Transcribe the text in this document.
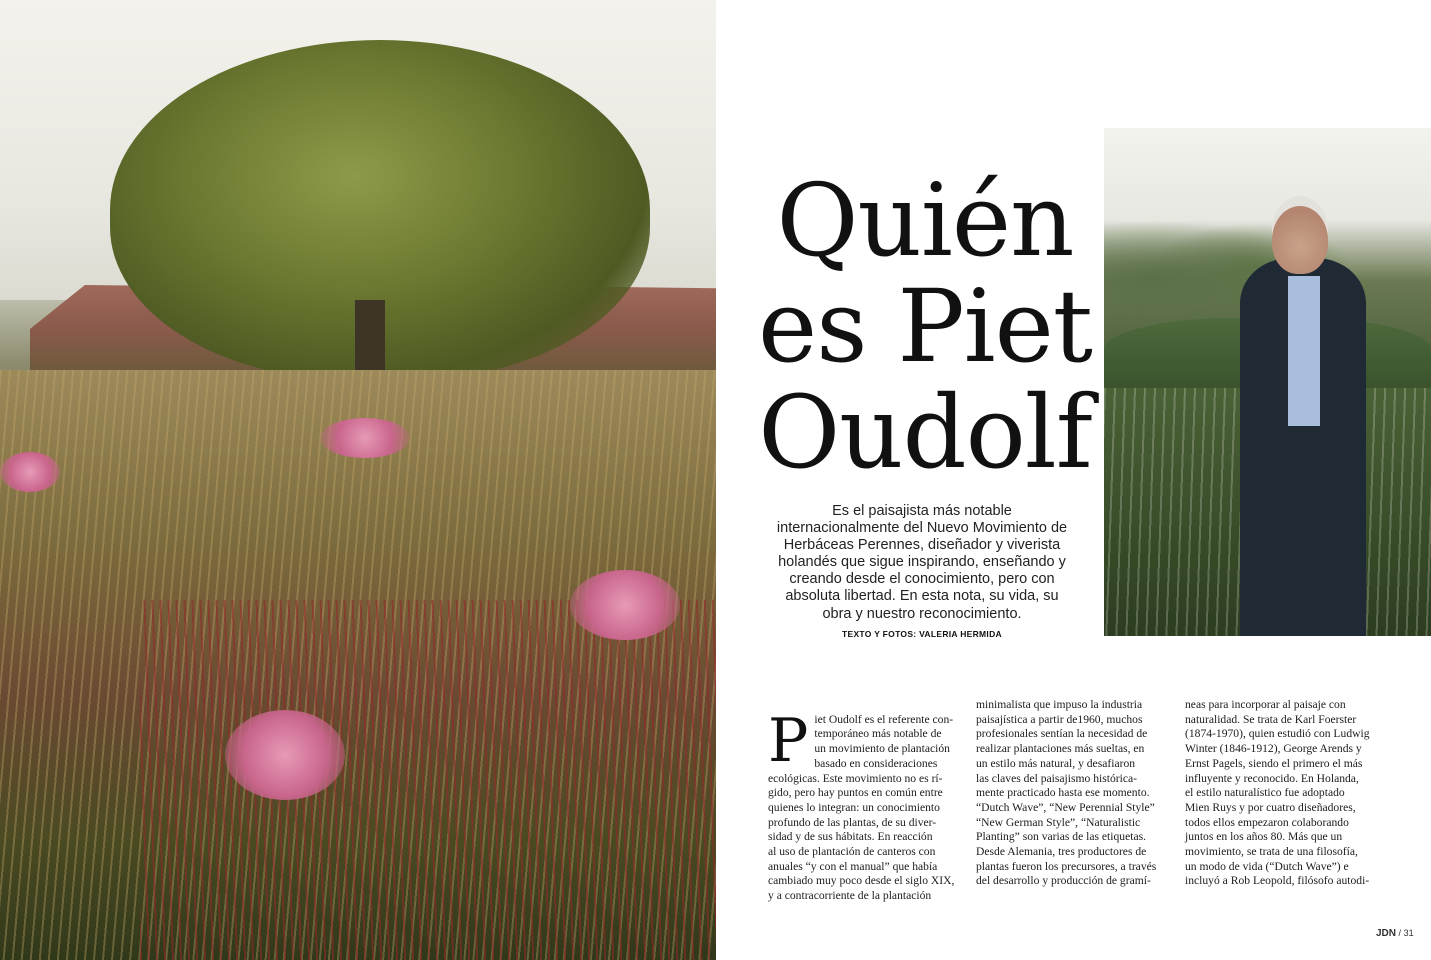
Quién
es Piet
Oudolf

Es el paisajista más notable internacionalmente del Nuevo Movimiento de Herbáceas Perennes, diseñador y viverista holandés que sigue inspirando, enseñando y creando desde el conocimiento, pero con absoluta libertad. En esta nota, su vida, su obra y nuestro reconocimiento.

TEXTO Y FOTOS: VALERIA HERMIDA

Piet Oudolf es el referente con-
temporáneo más notable de
un movimiento de plantación
basado en consideraciones
ecológicas. Este movimiento no es rí-
gido, pero hay puntos en común entre
quienes lo integran: un conocimiento
profundo de las plantas, de su diver-
sidad y de sus hábitats. En reacción
al uso de plantación de canteros con
anuales “y con el manual” que había
cambiado muy poco desde el siglo XIX,
y a contracorriente de la plantación

minimalista que impuso la industria
paisajística a partir de1960, muchos
profesionales sentían la necesidad de
realizar plantaciones más sueltas, en
un estilo más natural, y desafiaron
las claves del paisajismo histórica-
mente practicado hasta ese momento.
“Dutch Wave”, “New Perennial Style”
“New German Style”, “Naturalistic
Planting” son varias de las etiquetas.
Desde Alemania, tres productores de
plantas fueron los precursores, a través
del desarrollo y producción de gramí-
neas para incorporar al paisaje con
naturalidad. Se trata de Karl Foerster
(1874-1970), quien estudió con Ludwig
Winter (1846-1912), George Arends y
Ernst Pagels, siendo el primero el más
influyente y reconocido. En Holanda,
el estilo naturalístico fue adoptado
Mien Ruys y por cuatro diseñadores,
todos ellos empezaron colaborando
juntos en los años 80. Más que un
movimiento, se trata de una filosofía,
un modo de vida (“Dutch Wave”) e
incluyó a Rob Leopold, filósofo autodi-
JDN / 31
